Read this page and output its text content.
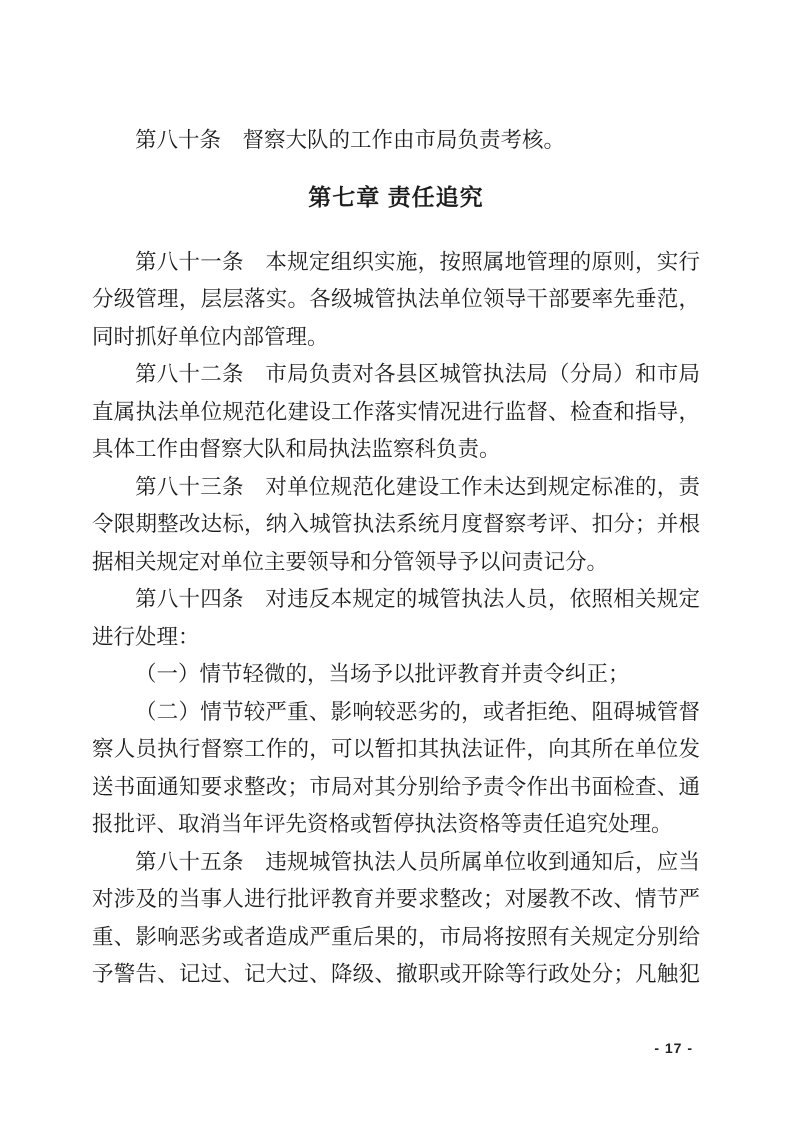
第八十条　督察大队的工作由市局负责考核。
第七章 责任追究
第八十一条　本规定组织实施，按照属地管理的原则，实行
分级管理，层层落实。各级城管执法单位领导干部要率先垂范，
同时抓好单位内部管理。
第八十二条　市局负责对各县区城管执法局（分局）和市局
直属执法单位规范化建设工作落实情况进行监督、检查和指导，
具体工作由督察大队和局执法监察科负责。
第八十三条　对单位规范化建设工作未达到规定标准的，责
令限期整改达标，纳入城管执法系统月度督察考评、扣分；并根
据相关规定对单位主要领导和分管领导予以问责记分。
第八十四条　对违反本规定的城管执法人员，依照相关规定
进行处理：
（一）情节轻微的，当场予以批评教育并责令纠正；
（二）情节较严重、影响较恶劣的，或者拒绝、阻碍城管督
察人员执行督察工作的，可以暂扣其执法证件，向其所在单位发
送书面通知要求整改；市局对其分别给予责令作出书面检查、通
报批评、取消当年评先资格或暂停执法资格等责任追究处理。
第八十五条　违规城管执法人员所属单位收到通知后，应当
对涉及的当事人进行批评教育并要求整改；对屡教不改、情节严
重、影响恶劣或者造成严重后果的，市局将按照有关规定分别给
予警告、记过、记大过、降级、撤职或开除等行政处分；凡触犯
- 17 -
